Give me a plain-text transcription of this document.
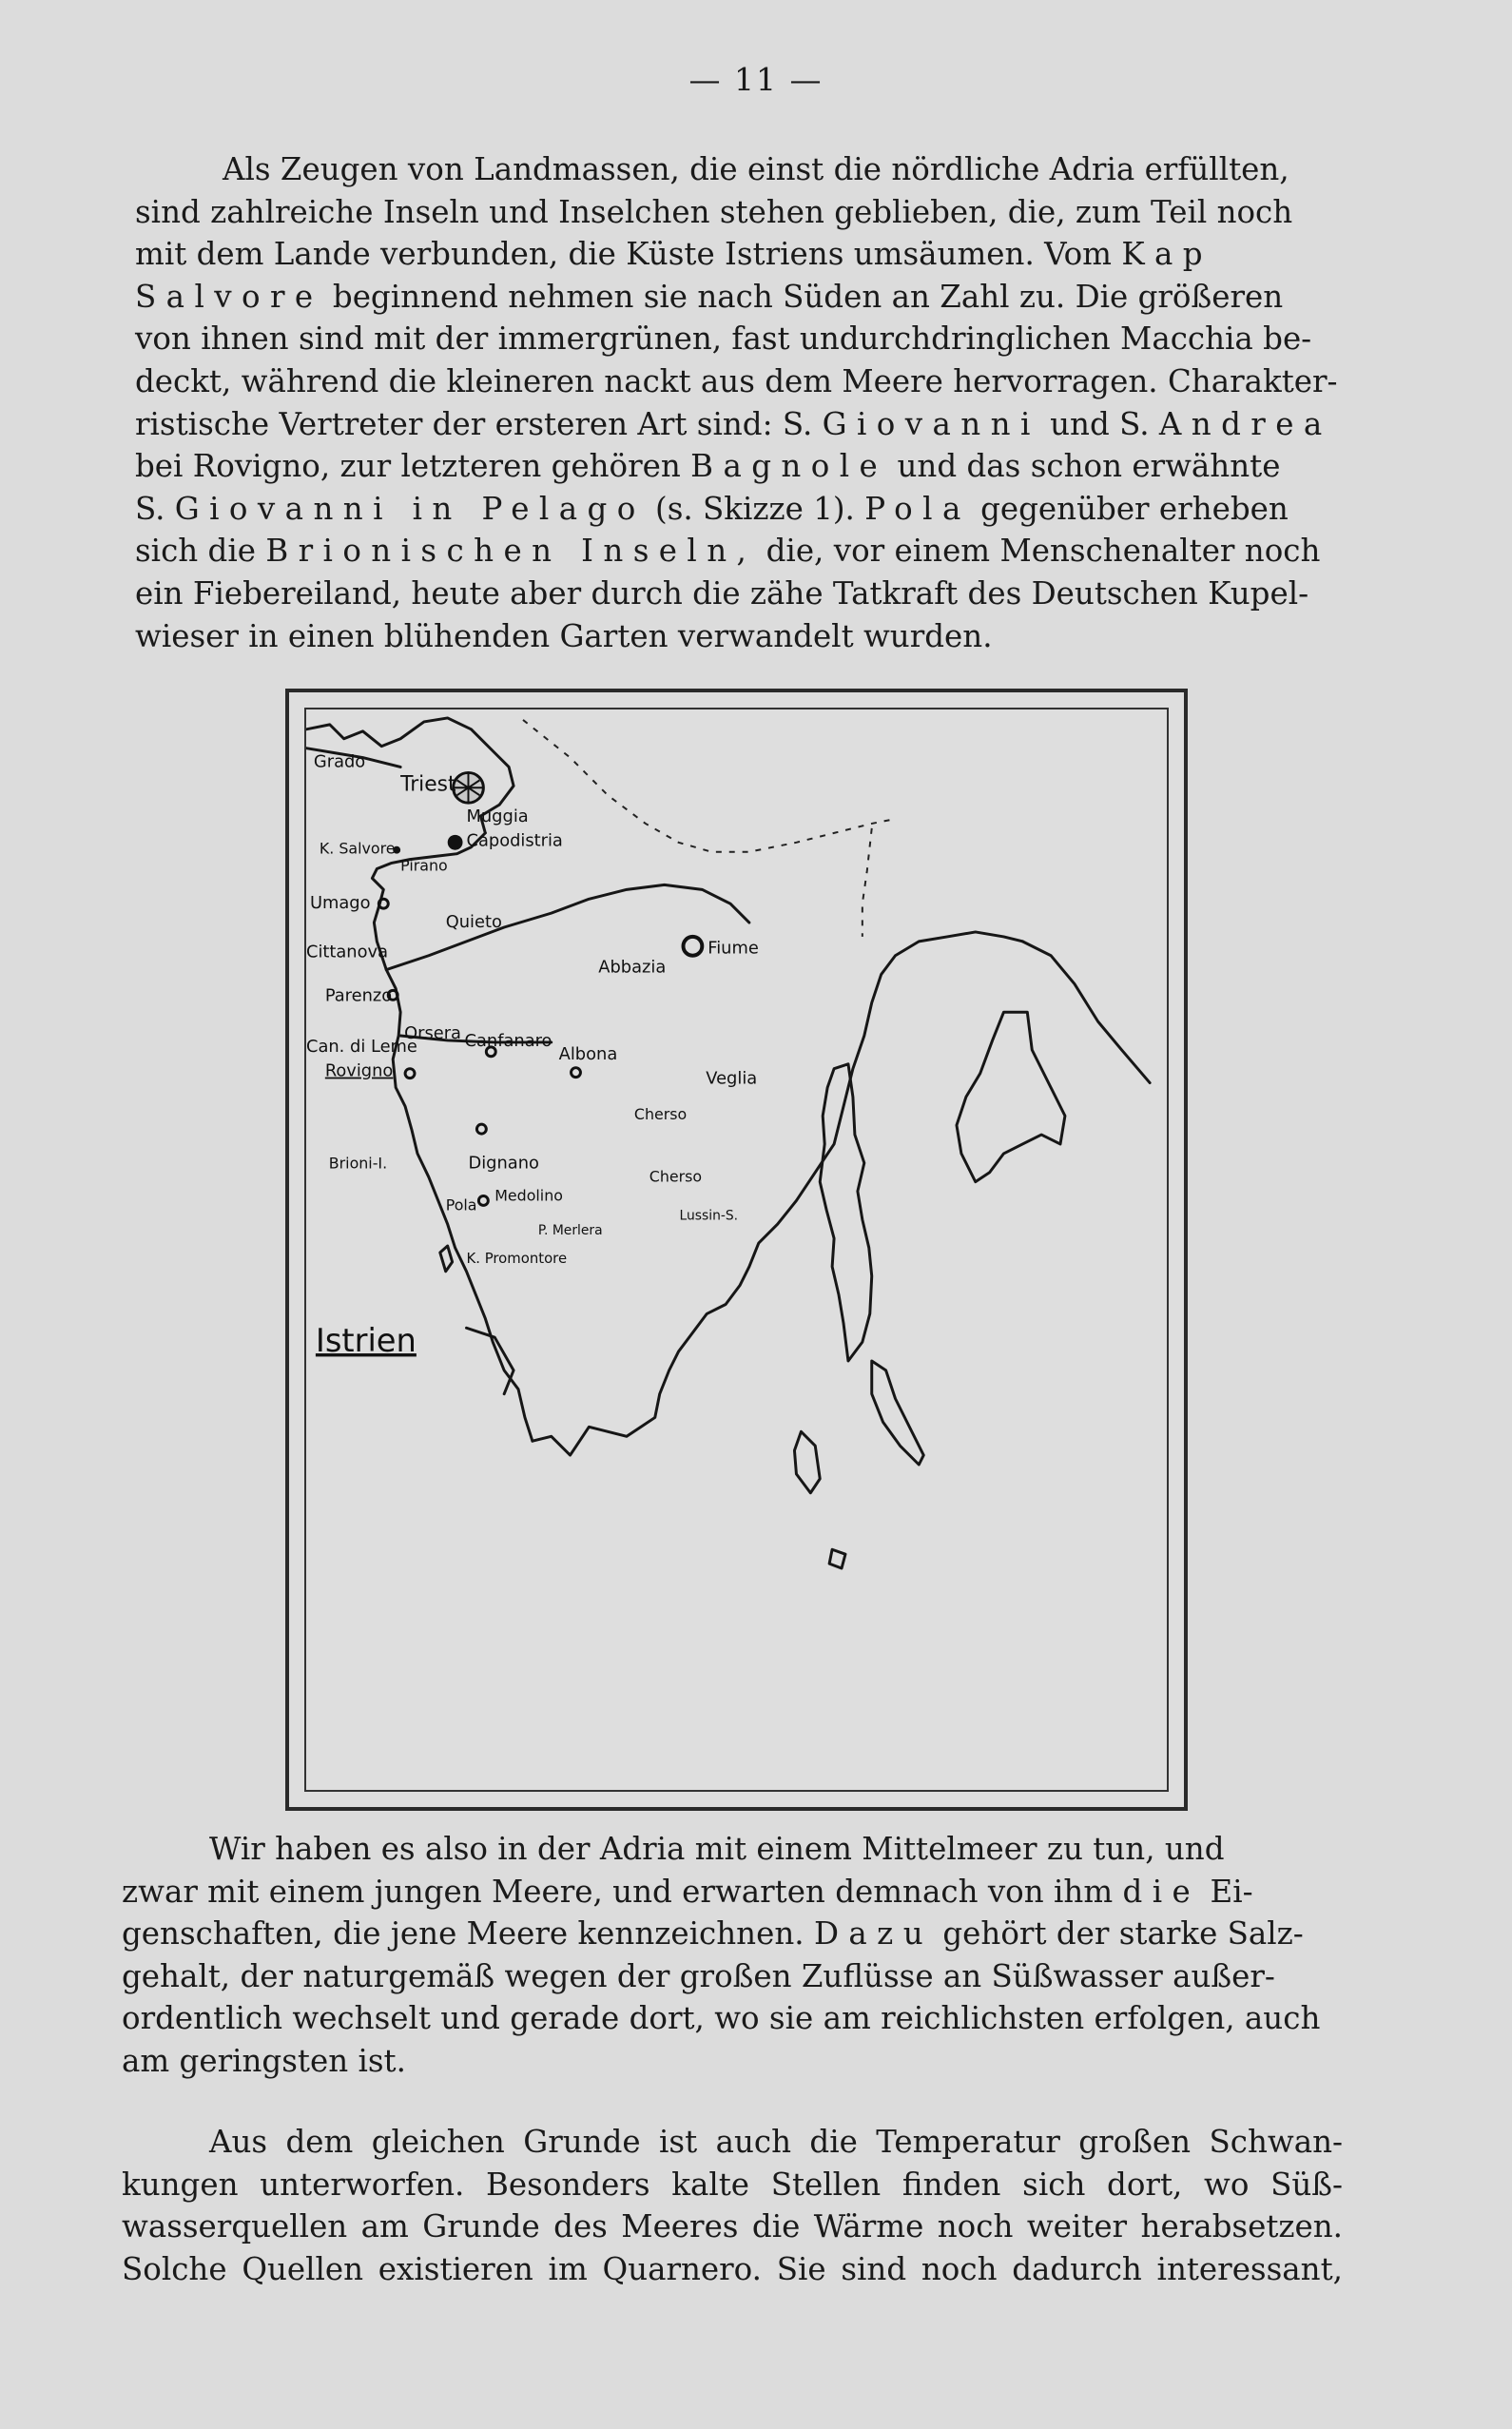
— 11 —

Als Zeugen von Landmassen, die einst die nördliche Adria erfüllten,
sind zahlreiche Inseln und Inselchen stehen geblieben, die, zum Teil noch
mit dem Lande verbunden, die Küste Istriens umsäumen. Vom Kap
Salvore beginnend nehmen sie nach Süden an Zahl zu. Die größeren
von ihnen sind mit der immergrünen, fast undurchdringlichen Macchia be-
deckt, während die kleineren nackt aus dem Meere hervorragen. Charakter-
ristische Vertreter der ersteren Art sind: S. Giovanni und S. Andrea
bei Rovigno, zur letzteren gehören Bagnole und das schon erwähnte
S. Giovanni in Pelago (s. Skizze 1). Pola gegenüber erheben
sich die Brionischen Inseln, die, vor einem Menschenalter noch
ein Fiebereiland, heute aber durch die zähe Tatkraft des Deutschen Kupel-
wieser in einen blühenden Garten verwandelt wurden.

Grado
Triest
Muggia
Capodistria
K. Salvore
Pirano
Umago
Quieto
Cittanova
Parenzo
Orsera Canfanaro
Can. di Leme
Rovigno
Albona
Abbazia
Fiume
Veglia
Cherso
Cherso
Brioni-I.	Dignano
Pola
Medolino
P. Merlera
K. Promontore
Lussin-S.
Istrien

Wir haben es also in der Adria mit einem Mittelmeer zu tun, und
zwar mit einem jungen Meere, und erwarten demnach von ihm die Ei-
genschaften, die jene Meere kennzeichnen. Dazu gehört der starke Salz-
gehalt, der naturgemäß wegen der großen Zuflüsse an Süßwasser außer-
ordentlich wechselt und gerade dort, wo sie am reichlichsten erfolgen, auch
am geringsten ist.

Aus dem gleichen Grunde ist auch die Temperatur großen Schwan-
kungen unterworfen. Besonders kalte Stellen finden sich dort, wo Süß-
wasserquellen am Grunde des Meeres die Wärme noch weiter herabsetzen.
Solche Quellen existieren im Quarnero. Sie sind noch dadurch interessant,
